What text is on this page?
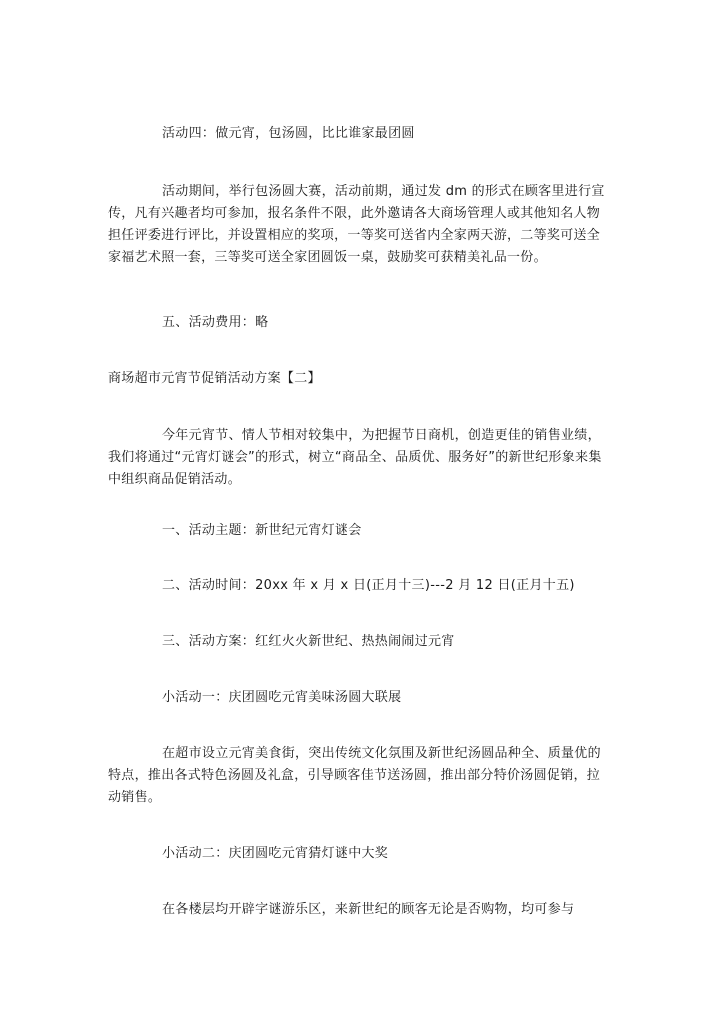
活动四：做元宵，包汤圆，比比谁家最团圆

活动期间，举行包汤圆大赛，活动前期，通过发 dm 的形式在顾客里进行宣传，凡有兴趣者均可参加，报名条件不限，此外邀请各大商场管理人或其他知名人物担任评委进行评比，并设置相应的奖项，一等奖可送省内全家两天游，二等奖可送全家福艺术照一套，三等奖可送全家团圆饭一桌，鼓励奖可获精美礼品一份。

五、活动费用：略

商场超市元宵节促销活动方案【二】

今年元宵节、情人节相对较集中，为把握节日商机，创造更佳的销售业绩，我们将通过“元宵灯谜会”的形式，树立“商品全、品质优、服务好”的新世纪形象来集中组织商品促销活动。

一、活动主题：新世纪元宵灯谜会

二、活动时间：20xx 年 x 月 x 日(正月十三)---2 月 12 日(正月十五)

三、活动方案：红红火火新世纪、热热闹闹过元宵

小活动一：庆团圆吃元宵美味汤圆大联展

在超市设立元宵美食街，突出传统文化氛围及新世纪汤圆品种全、质量优的特点，推出各式特色汤圆及礼盒，引导顾客佳节送汤圆，推出部分特价汤圆促销，拉动销售。

小活动二：庆团圆吃元宵猜灯谜中大奖

在各楼层均开辟字谜游乐区，来新世纪的顾客无论是否购物，均可参与
